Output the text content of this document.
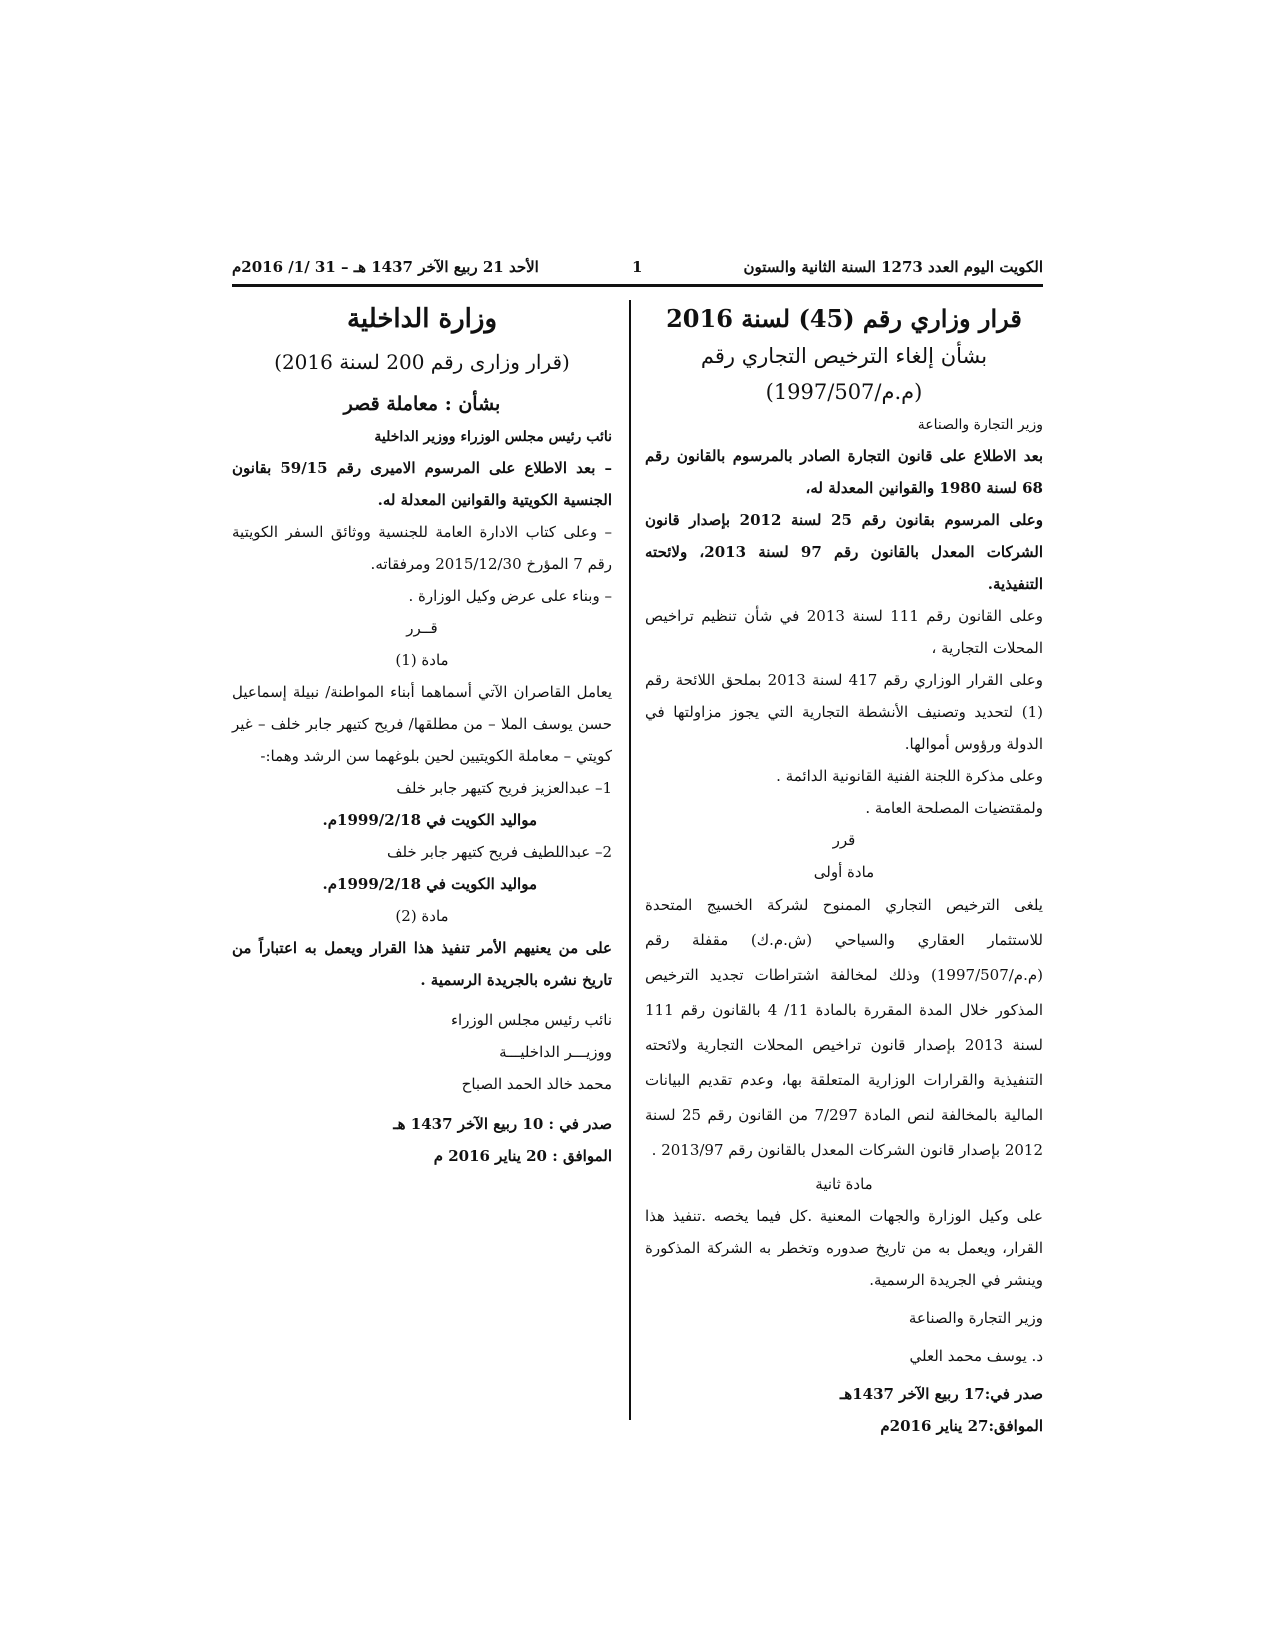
الكويت اليوم العدد 1273 السنة الثانية والستون
1
الأحد 21 ربيع الآخر 1437 هـ – 31 /1/ 2016م
قرار وزاري رقم (45) لسنة 2016
بشأن إلغاء الترخيص التجاري رقم
(م.م/1997/507)
وزير التجارة والصناعة

بعد الاطلاع على قانون التجارة الصادر بالمرسوم بالقانون رقم 68 لسنة 1980 والقوانين المعدلة له،

وعلى المرسوم بقانون رقم 25 لسنة 2012 بإصدار قانون الشركات المعدل بالقانون رقم 97 لسنة 2013، ولائحته التنفيذية.

وعلى القانون رقم 111 لسنة 2013 في شأن تنظيم تراخيص المحلات التجارية ،

وعلى القرار الوزاري رقم 417 لسنة 2013 بملحق اللائحة رقم (1) لتحديد وتصنيف الأنشطة التجارية التي يجوز مزاولتها في الدولة ورؤوس أموالها.

وعلى مذكرة اللجنة الفنية القانونية الدائمة .

ولمقتضيات المصلحة العامة .

قرر
مادة أولى

يلغى الترخيص التجاري الممنوح لشركة الخسيج المتحدة للاستثمار العقاري والسياحي (ش.م.ك) مقفلة رقم (م.م/1997/507) وذلك لمخالفة اشتراطات تجديد الترخيص المذكور خلال المدة المقررة بالمادة 11/ 4 بالقانون رقم 111 لسنة 2013 بإصدار قانون تراخيص المحلات التجارية ولائحته التنفيذية والقرارات الوزارية المتعلقة بها، وعدم تقديم البيانات المالية بالمخالفة لنص المادة 7/297 من القانون رقم 25 لسنة 2012 بإصدار قانون الشركات المعدل بالقانون رقم 2013/97 .

مادة ثانية

على وكيل الوزارة والجهات المعنية .كل فيما يخصه .تنفيذ هذا القرار، ويعمل به من تاريخ صدوره وتخطر به الشركة المذكورة وينشر في الجريدة الرسمية.

وزير التجارة والصناعة
د. يوسف محمد العلي
صدر في:17 ربيع الآخر 1437هـ
الموافق:27 يناير 2016م
وزارة الداخلية
(قرار وزارى رقم 200 لسنة 2016)
بشأن : معاملة قصر
نائب رئيس مجلس الوزراء ووزير الداخلية

– بعد الاطلاع على المرسوم الاميرى رقم 59/15 بقانون الجنسية الكويتية والقوانين المعدلة له.

– وعلى كتاب الادارة العامة للجنسية ووثائق السفر الكويتية رقم 7 المؤرخ 2015/12/30 ومرفقاته.

– وبناء على عرض وكيل الوزارة .

قــرر
مادة (1)

يعامل القاصران الآتي أسماهما أبناء المواطنة/ نبيلة إسماعيل حسن يوسف الملا – من مطلقها/ فريح كتيهر جابر خلف – غير كويتي – معاملة الكويتيين لحين بلوغهما سن الرشد وهما:-

1– عبدالعزيز فريح كتيهر جابر خلف
مواليد الكويت في 1999/2/18م.
2– عبداللطيف فريح كتيهر جابر خلف
مواليد الكويت في 1999/2/18م.
مادة (2)

على من يعنيهم الأمر تنفيذ هذا القرار ويعمل به اعتباراً من تاريخ نشره بالجريدة الرسمية .

نائب رئيس مجلس الوزراء
ووزيـــر الداخليـــة
محمد خالد الحمد الصباح
صدر في : 10 ربيع الآخر 1437 هـ
الموافق : 20 يناير 2016 م
